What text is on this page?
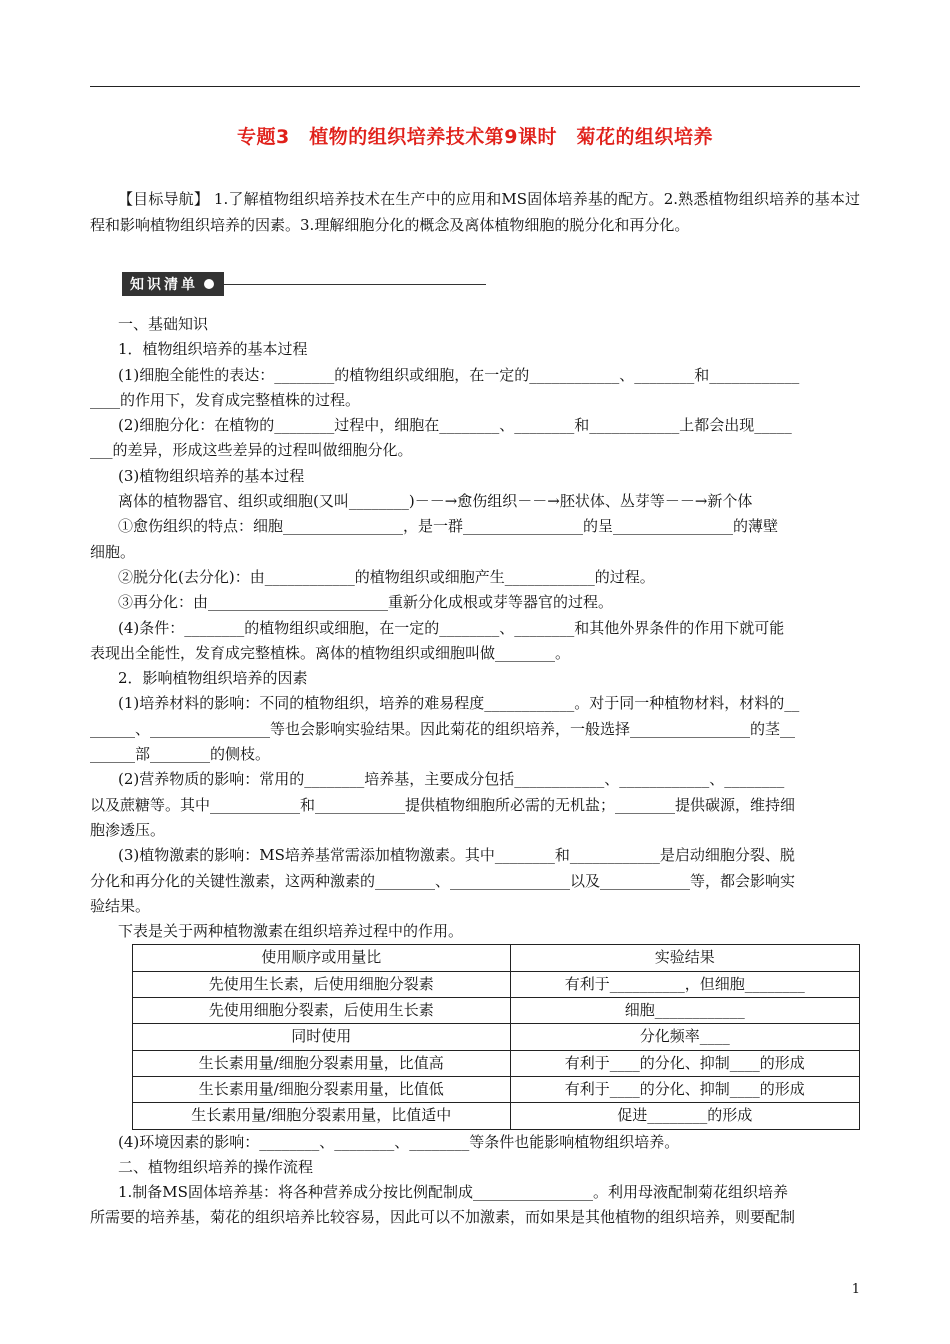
专题3　植物的组织培养技术第9课时　菊花的组织培养
【目标导航】 1.了解植物组织培养技术在生产中的应用和MS固体培养基的配方。2.熟悉植物组织培养的基本过程和影响植物组织培养的因素。3.理解细胞分化的概念及离体植物细胞的脱分化和再分化。
知识清单

一、基础知识

1．植物组织培养的基本过程

(1)细胞全能性的表达：________的植物组织或细胞，在一定的____________、________和____________

____的作用下，发育成完整植株的过程。

(2)细胞分化：在植物的________过程中，细胞在________、________和____________上都会出现_____

___的差异，形成这些差异的过程叫做细胞分化。

(3)植物组织培养的基本过程

离体的植物器官、组织或细胞(又叫________)－－→愈伤组织－－→胚状体、丛芽等－－→新个体

①愈伤组织的特点：细胞________________，是一群________________的呈________________的薄壁

细胞。

②脱分化(去分化)：由____________的植物组织或细胞产生____________的过程。

③再分化：由________________________重新分化成根或芽等器官的过程。

(4)条件：________的植物组织或细胞，在一定的________、________和其他外界条件的作用下就可能

表现出全能性，发育成完整植株。离体的植物组织或细胞叫做________。

2．影响植物组织培养的因素

(1)培养材料的影响：不同的植物组织，培养的难易程度____________。对于同一种植物材料，材料的__

______、________________等也会影响实验结果。因此菊花的组织培养，一般选择________________的茎__

______部________的侧枝。

(2)营养物质的影响：常用的________培养基，主要成分包括____________、____________、________

以及蔗糖等。其中____________和____________提供植物细胞所必需的无机盐；________提供碳源，维持细

胞渗透压。

(3)植物激素的影响：MS培养基常需添加植物激素。其中________和____________是启动细胞分裂、脱

分化和再分化的关键性激素，这两种激素的________、________________以及____________等，都会影响实

验结果。

下表是关于两种植物激素在组织培养过程中的作用。

使用顺序或用量比	实验结果
先使用生长素，后使用细胞分裂素	有利于__________，但细胞________
先使用细胞分裂素，后使用生长素	细胞____________
同时使用	分化频率____
生长素用量/细胞分裂素用量，比值高	有利于____的分化、抑制____的形成
生长素用量/细胞分裂素用量，比值低	有利于____的分化、抑制____的形成
生长素用量/细胞分裂素用量，比值适中	促进________的形成

(4)环境因素的影响：________、________、________等条件也能影响植物组织培养。

二、植物组织培养的操作流程

1.制备MS固体培养基：将各种营养成分按比例配制成________________。利用母液配制菊花组织培养

所需要的培养基，菊花的组织培养比较容易，因此可以不加激素，而如果是其他植物的组织培养，则要配制

1
